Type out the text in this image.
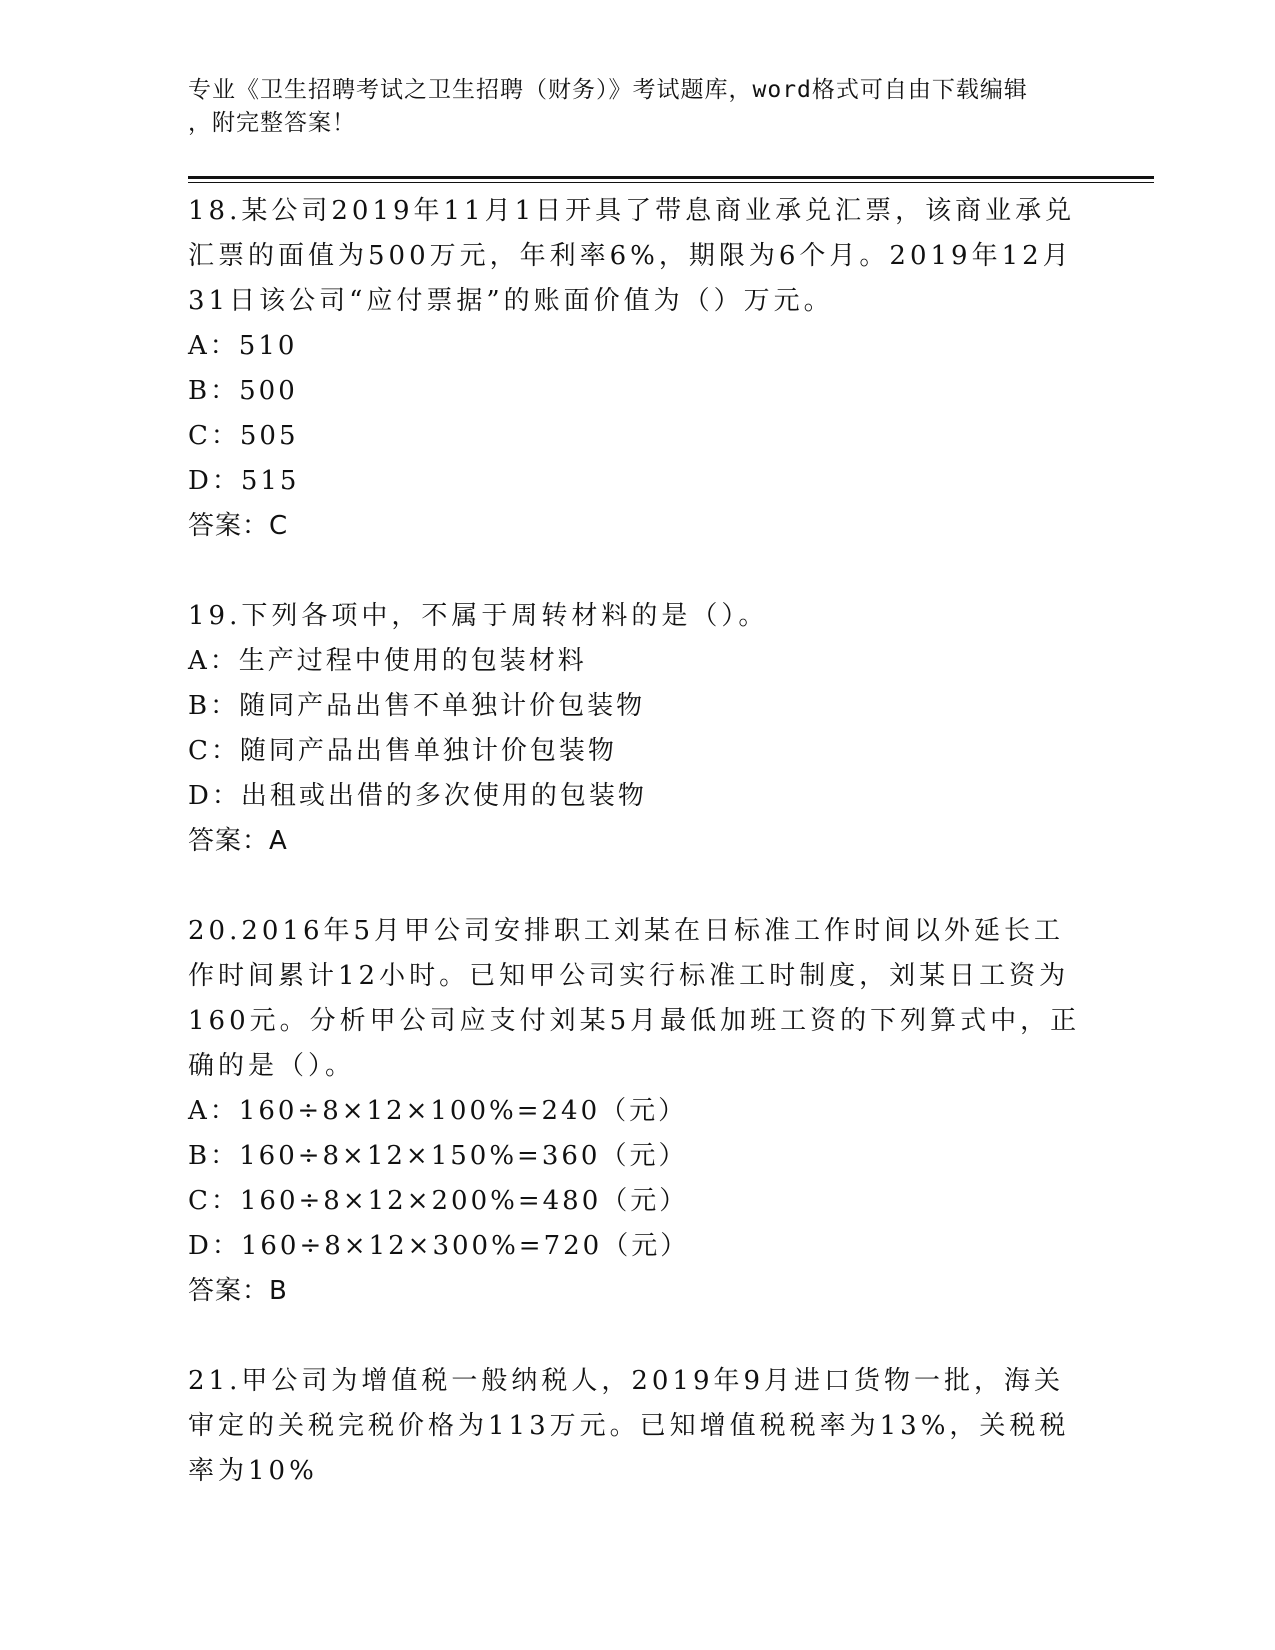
专业《卫生招聘考试之卫生招聘（财务）》考试题库，word格式可自由下载编辑
，附完整答案！
18.某公司2019年11月1日开具了带息商业承兑汇票，该商业承兑汇票的面值为500万元，年利率6%，期限为6个月。2019年12月31日该公司“应付票据”的账面价值为（）万元。
A：510
B：500
C：505
D：515
答案：C
19.下列各项中，不属于周转材料的是（）。
A：生产过程中使用的包装材料
B：随同产品出售不单独计价包装物
C：随同产品出售单独计价包装物
D：出租或出借的多次使用的包装物
答案：A
20.2016年5月甲公司安排职工刘某在日标准工作时间以外延长工作时间累计12小时。已知甲公司实行标准工时制度，刘某日工资为160元。分析甲公司应支付刘某5月最低加班工资的下列算式中，正确的是（）。
A：160÷8×12×100%=240（元）
B：160÷8×12×150%=360（元）
C：160÷8×12×200%=480（元）
D：160÷8×12×300%=720（元）
答案：B
21.甲公司为增值税一般纳税人，2019年9月进口货物一批，海关审定的关税完税价格为113万元。已知增值税税率为13%，关税税率为10%
